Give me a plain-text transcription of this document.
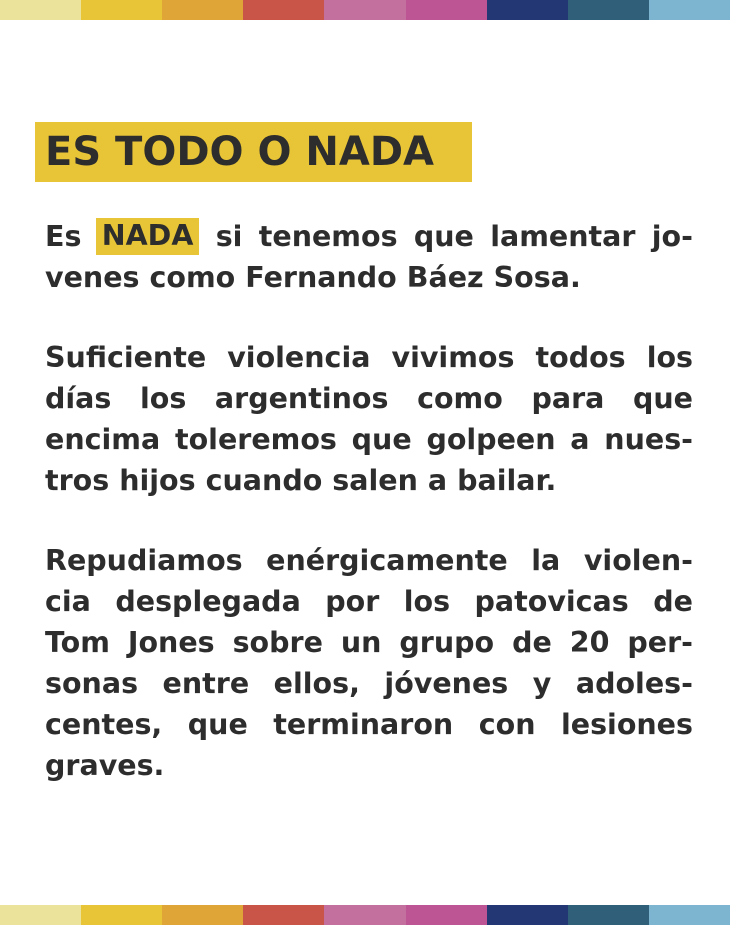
ES TODO O NADA
Es NADA si tenemos que lamentar jo-
venes como Fernando Báez Sosa.
Suficiente violencia vivimos todos los
días los argentinos como para que
encima toleremos que golpeen a nues-
tros hijos cuando salen a bailar.
Repudiamos enérgicamente la violen-
cia desplegada por los patovicas de
Tom Jones sobre un grupo de 20 per-
sonas entre ellos, jóvenes y adoles-
centes, que terminaron con lesiones
graves.
